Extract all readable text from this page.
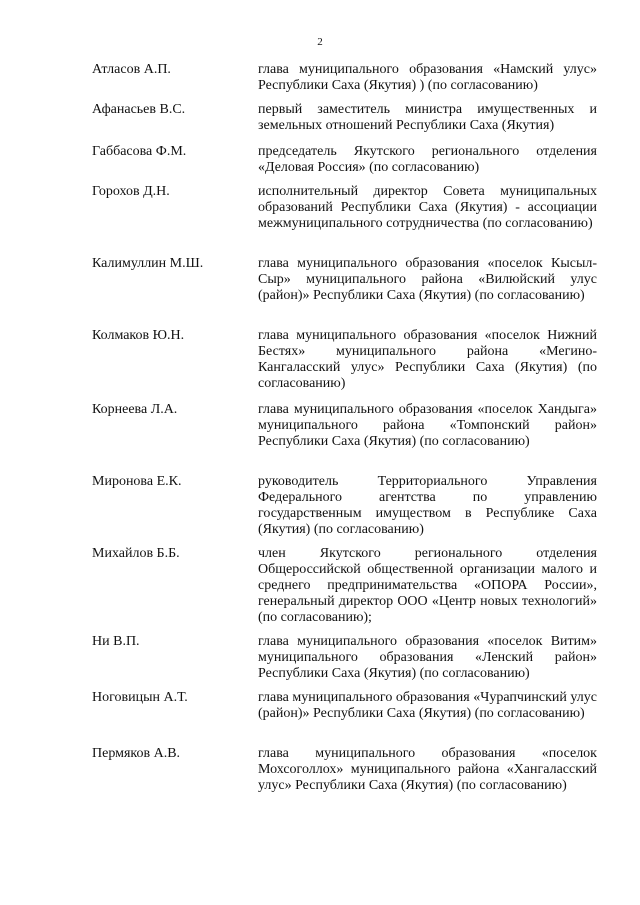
2
Атласов А.П.	глава муниципального образования «Намский улус» Республики Саха (Якутия) ) (по согласованию)
Афанасьев В.С.	первый заместитель министра имущественных и земельных отношений Республики Саха (Якутия)
Габбасова Ф.М.	председатель Якутского регионального отделения «Деловая Россия» (по согласованию)
Горохов Д.Н.	исполнительный директор Совета муниципальных образований Республики Саха (Якутия) - ассоциации межмуниципального сотрудничества (по согласованию)
Калимуллин М.Ш.	глава муниципального образования «поселок Кысыл-Сыр» муниципального района «Вилюйский улус (район)» Республики Саха (Якутия) (по согласованию)
Колмаков Ю.Н.	глава муниципального образования «поселок Нижний Бестях» муниципального района «Мегино-Кангаласский улус» Республики Саха (Якутия) (по согласованию)
Корнеева Л.А.	глава муниципального образования «поселок Хандыга» муниципального района «Томпонский район» Республики Саха (Якутия) (по согласованию)
Миронова Е.К.	руководитель Территориального Управления Федерального агентства по управлению государственным имуществом в Республике Саха (Якутия) (по согласованию)
Михайлов Б.Б.	член Якутского регионального отделения Общероссийской общественной организации малого и среднего предпринимательства «ОПОРА России», генеральный директор ООО «Центр новых технологий» (по согласованию);
Ни В.П.	глава муниципального образования «поселок Витим» муниципального образования «Ленский район» Республики Саха (Якутия) (по согласованию)
Ноговицын А.Т.	глава муниципального образования «Чурапчинский улус (район)» Республики Саха (Якутия) (по согласованию)
Пермяков А.В.	глава муниципального образования «поселок Мохсоголлох» муниципального района «Хангаласский улус» Республики Саха (Якутия) (по согласованию)
